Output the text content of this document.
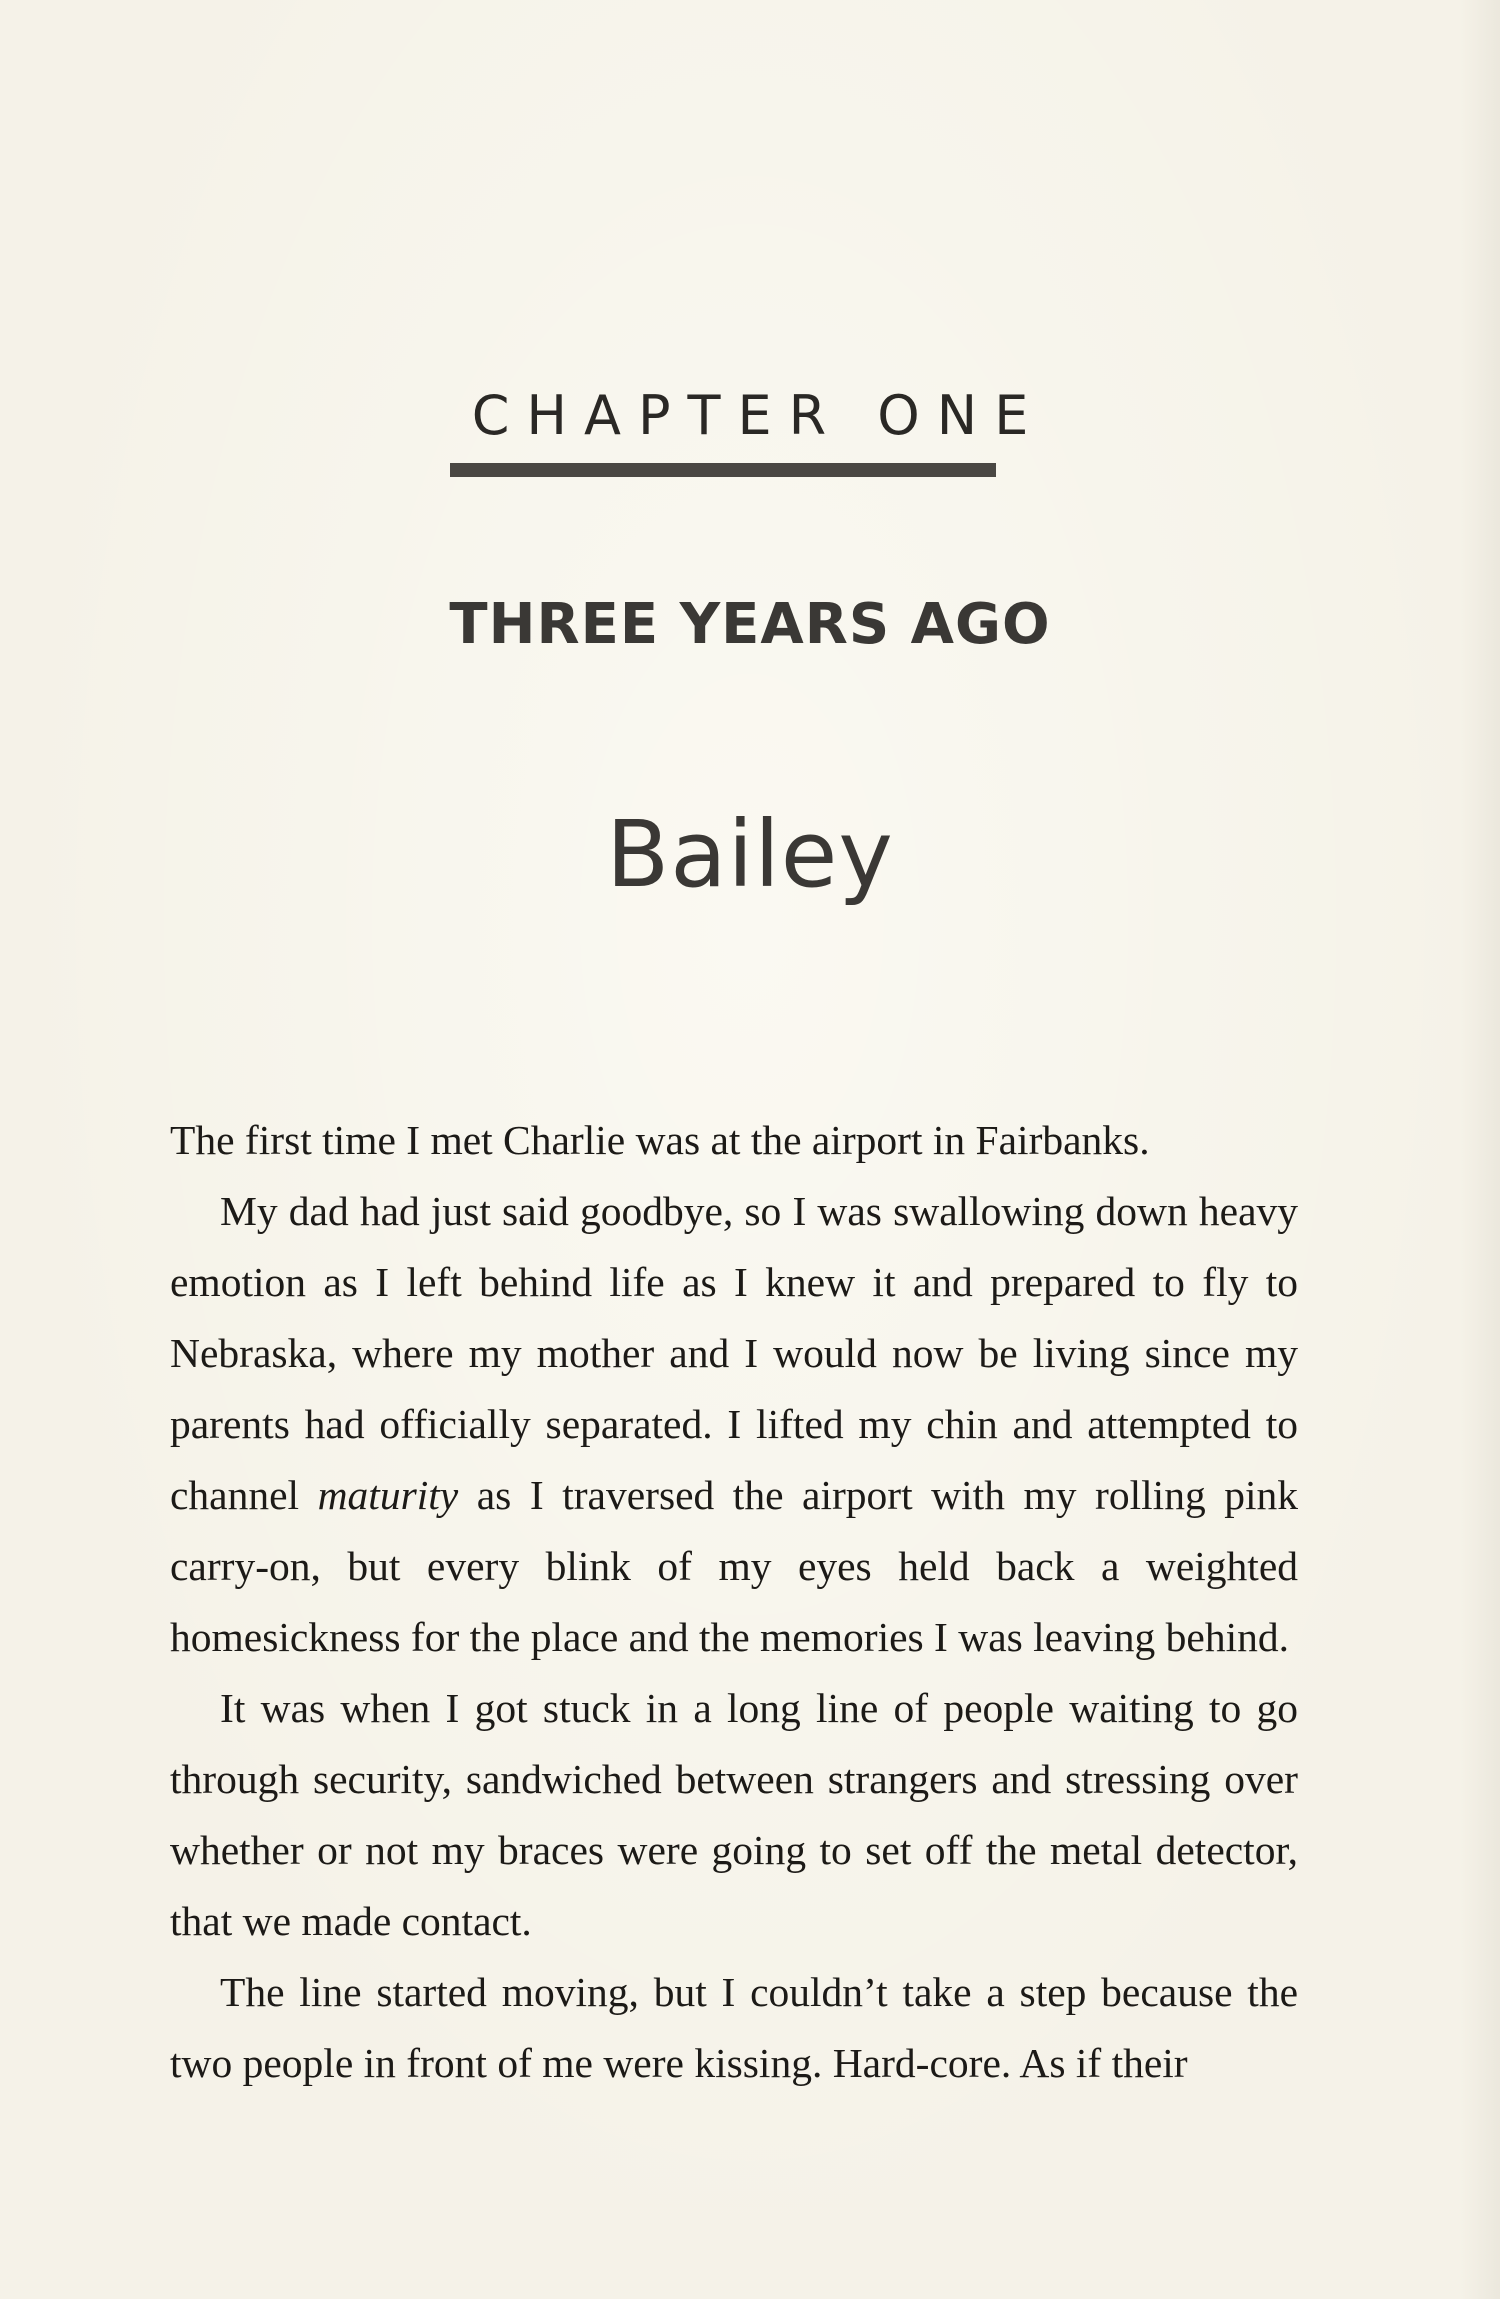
CHAPTER ONE
THREE YEARS AGO
Bailey

The first time I met Charlie was at the airport in Fairbanks.

My dad had just said goodbye, so I was swallowing down heavy emotion as I left behind life as I knew it and prepared to fly to Nebraska, where my mother and I would now be living since my parents had officially separated. I lifted my chin and attempted to channel maturity as I traversed the airport with my rolling pink carry-on, but every blink of my eyes held back a weighted homesickness for the place and the memories I was leaving behind.

It was when I got stuck in a long line of people waiting to go through security, sandwiched between strangers and stressing over whether or not my braces were going to set off the metal detector, that we made contact.

The line started moving, but I couldn’t take a step because the two people in front of me were kissing. Hard-core. As if their
